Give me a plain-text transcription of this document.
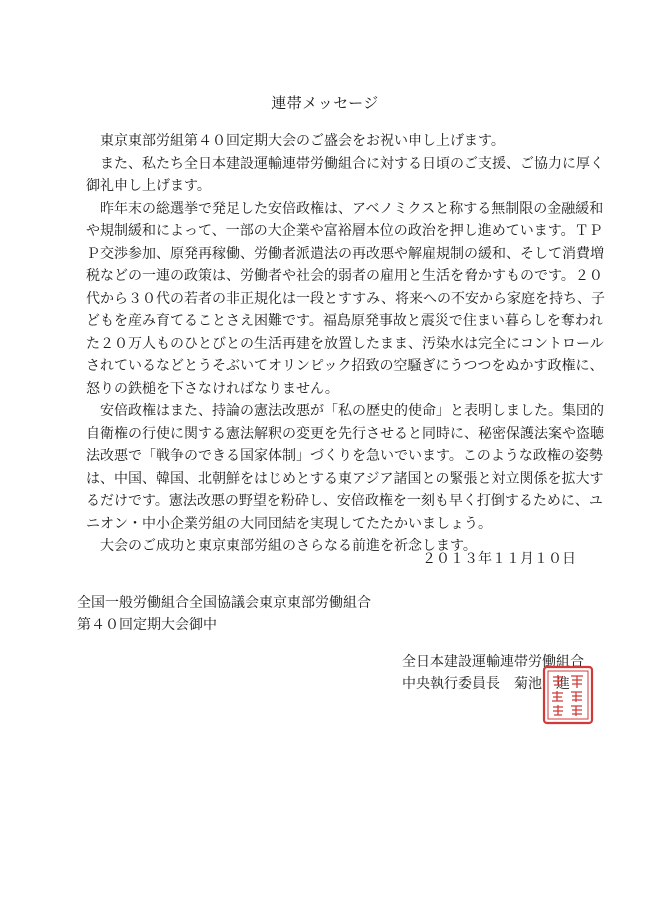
連帯メッセージ

東京東部労組第４０回定期大会のご盛会をお祝い申し上げます。

また、私たち全日本建設運輸連帯労働組合に対する日頃のご支援、ご協力に厚く
御礼申し上げます。

昨年末の総選挙で発足した安倍政権は、アベノミクスと称する無制限の金融緩和
や規制緩和によって、一部の大企業や富裕層本位の政治を押し進めています。ＴＰ
Ｐ交渉参加、原発再稼働、労働者派遣法の再改悪や解雇規制の緩和、そして消費増
税などの一連の政策は、労働者や社会的弱者の雇用と生活を脅かすものです。２０
代から３０代の若者の非正規化は一段とすすみ、将来への不安から家庭を持ち、子
どもを産み育てることさえ困難です。福島原発事故と震災で住まい暮らしを奪われ
た２０万人ものひとびとの生活再建を放置したまま、汚染水は完全にコントロール
されているなどとうそぶいてオリンピック招致の空騒ぎにうつつをぬかす政権に、
怒りの鉄槌を下さなければなりません。

安倍政権はまた、持論の憲法改悪が「私の歴史的使命」と表明しました。集団的
自衛権の行使に関する憲法解釈の変更を先行させると同時に、秘密保護法案や盗聴
法改悪で「戦争のできる国家体制」づくりを急いでいます。このような政権の姿勢
は、中国、韓国、北朝鮮をはじめとする東アジア諸国との緊張と対立関係を拡大す
るだけです。憲法改悪の野望を粉砕し、安倍政権を一刻も早く打倒するために、ユ
ニオン・中小企業労組の大同団結を実現してたたかいましょう。

大会のご成功と東京東部労組のさらなる前進を祈念します。

２０１３年１１月１０日
全国一般労働組合全国協議会東京東部労働組合
第４０回定期大会御中
全日本建設運輸連帯労働組合
中央執行委員長　菊池　進
